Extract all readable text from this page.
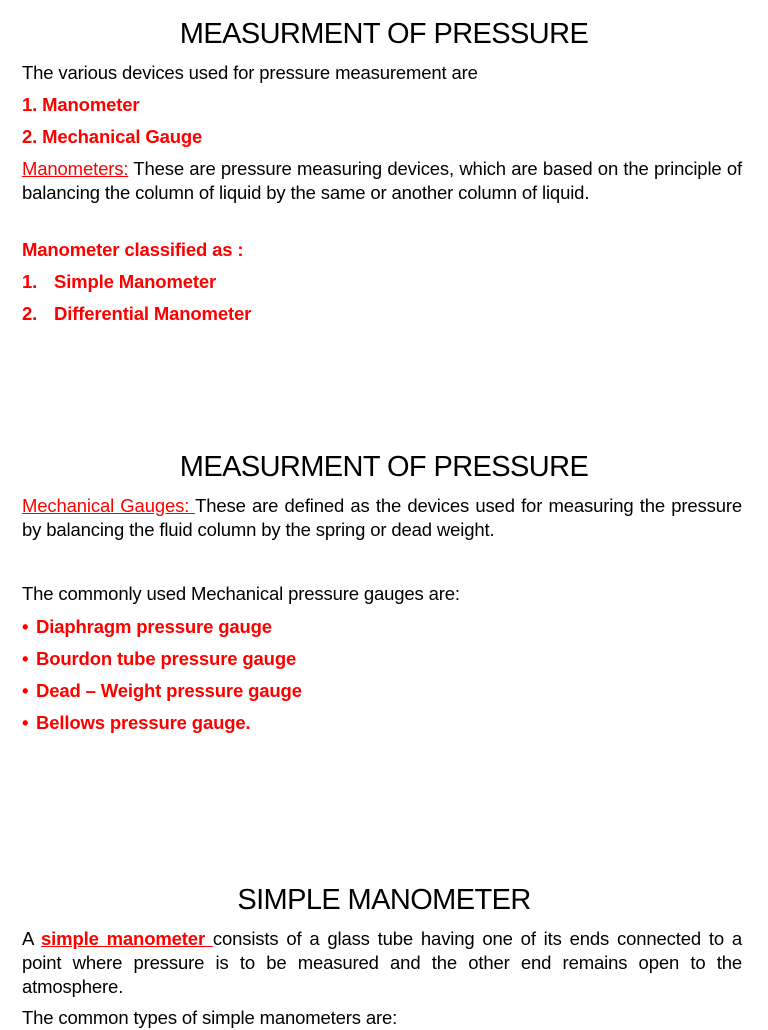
MEASURMENT OF PRESSURE
The various devices used for pressure measurement are
1. Manometer
2. Mechanical Gauge
Manometers: These are pressure measuring devices, which are based on the principle of balancing the column of liquid by the same or another column of liquid.
Manometer classified as :
1. Simple Manometer
2. Differential Manometer
MEASURMENT OF PRESSURE
Mechanical Gauges: These are defined as the devices used for measuring the pressure by balancing the fluid column by the spring or dead weight.
The commonly used Mechanical pressure gauges are:
• Diaphragm pressure gauge
• Bourdon tube pressure gauge
• Dead – Weight pressure gauge
• Bellows pressure gauge.
SIMPLE MANOMETER
A simple manometer consists of a glass tube having one of its ends connected to a point where pressure is to be measured and the other end remains open to the atmosphere.
The common types of simple manometers are:
